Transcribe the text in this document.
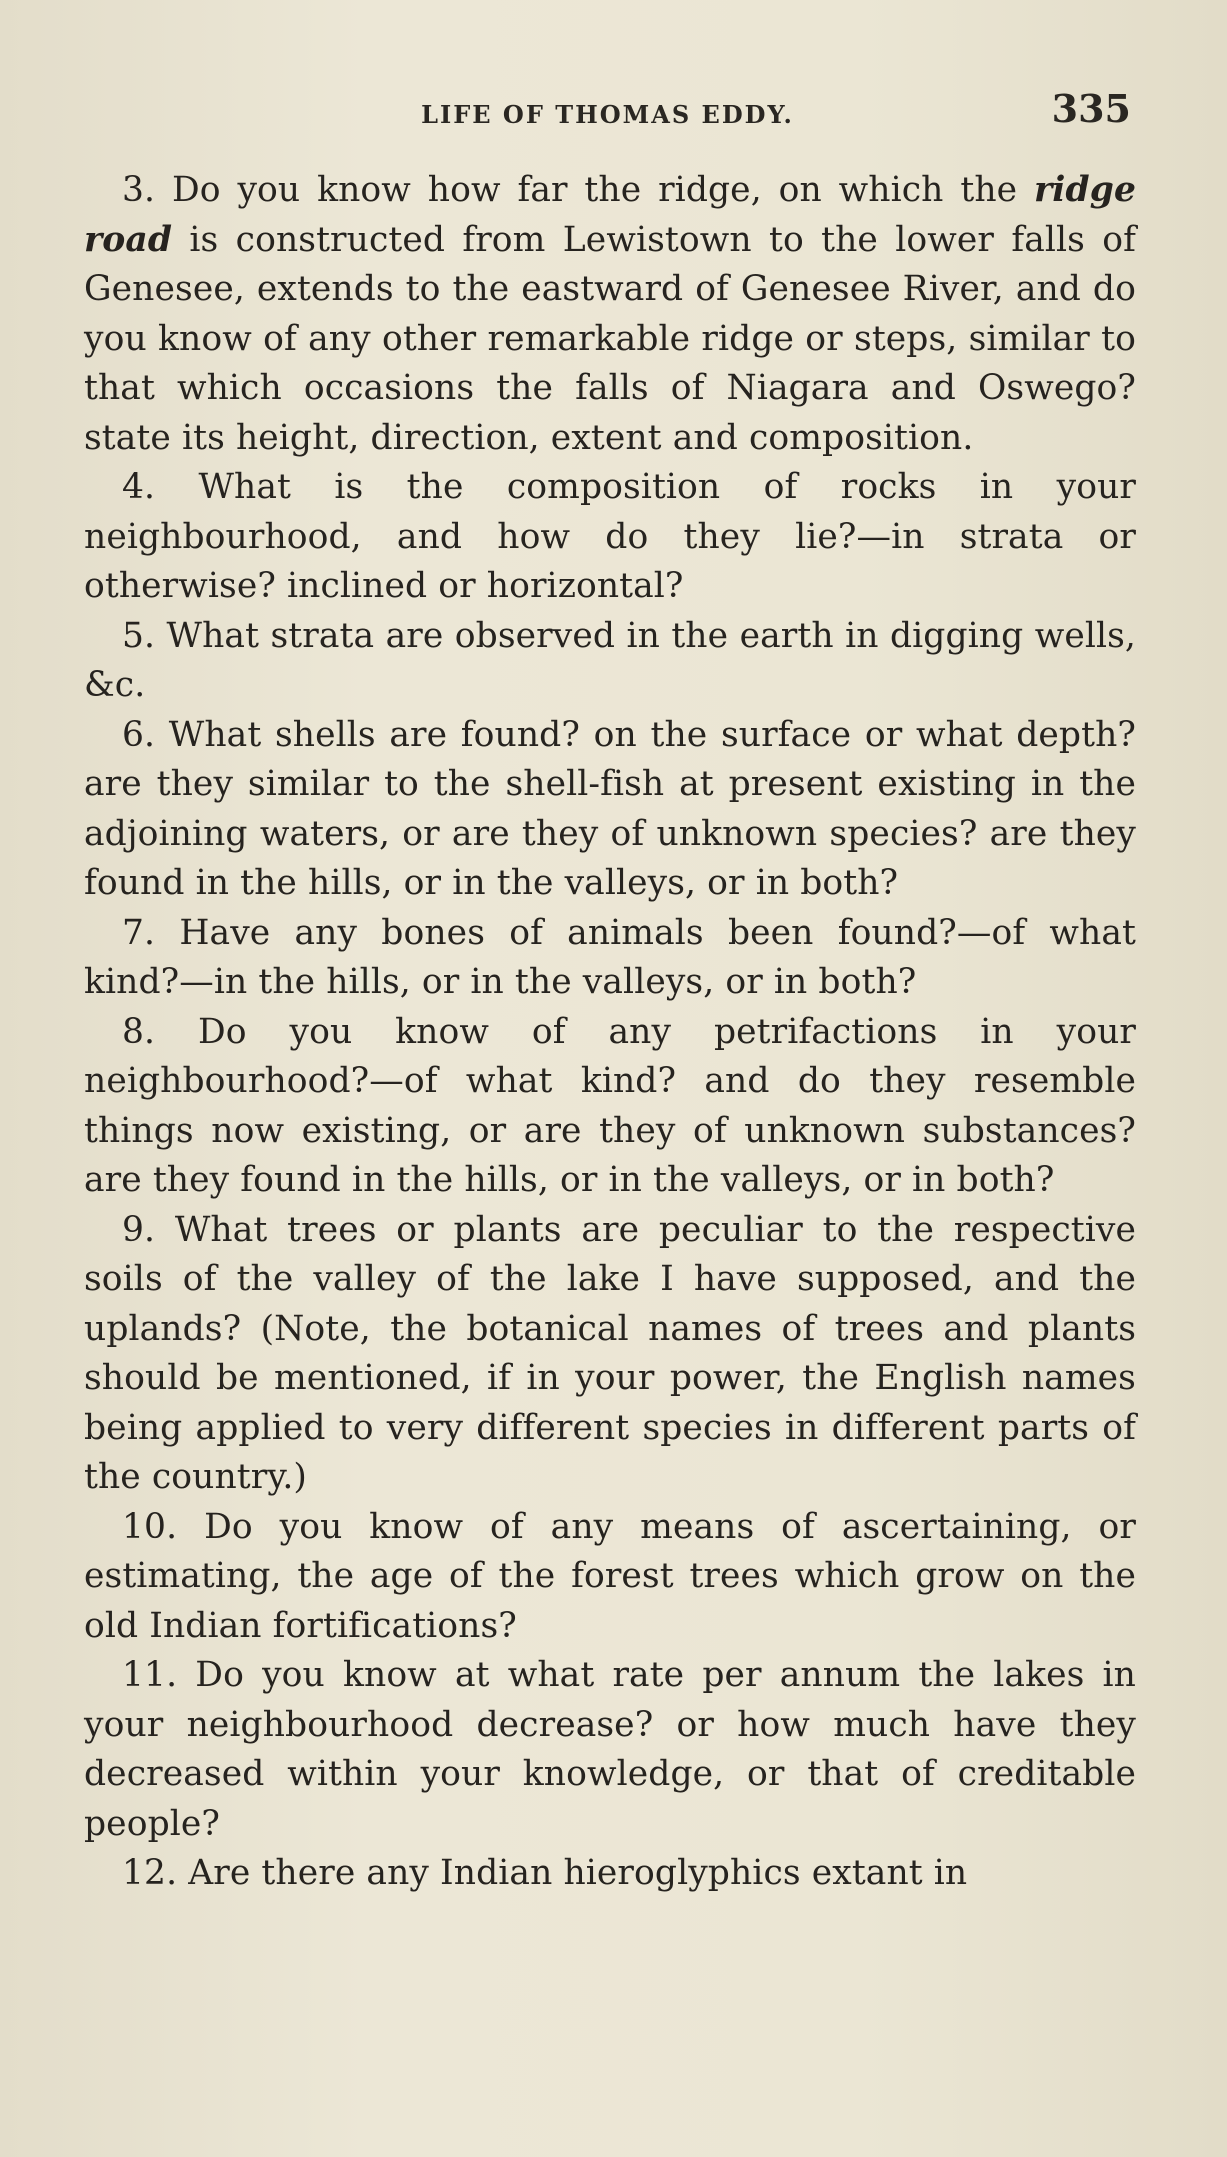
LIFE OF THOMAS EDDY.	335

3. Do you know how far the ridge, on which the ridge road is constructed from Lewistown to the lower falls of Genesee, extends to the eastward of Genesee River, and do you know of any other remarkable ridge or steps, similar to that which occasions the falls of Niagara and Oswego? state its height, direction, extent and composition.

4. What is the composition of rocks in your neighbourhood, and how do they lie?—in strata or otherwise? inclined or horizontal?

5. What strata are observed in the earth in digging wells, &c.

6. What shells are found? on the surface or what depth? are they similar to the shell-fish at present existing in the adjoining waters, or are they of unknown species? are they found in the hills, or in the valleys, or in both?

7. Have any bones of animals been found?—of what kind?—in the hills, or in the valleys, or in both?

8. Do you know of any petrifactions in your neighbourhood?—of what kind? and do they resemble things now existing, or are they of unknown substances? are they found in the hills, or in the valleys, or in both?

9. What trees or plants are peculiar to the respective soils of the valley of the lake I have supposed, and the uplands? (Note, the botanical names of trees and plants should be mentioned, if in your power, the English names being applied to very different species in different parts of the country.)

10. Do you know of any means of ascertaining, or estimating, the age of the forest trees which grow on the old Indian fortifications?

11. Do you know at what rate per annum the lakes in your neighbourhood decrease? or how much have they decreased within your knowledge, or that of creditable people?

12. Are there any Indian hieroglyphics extant in
